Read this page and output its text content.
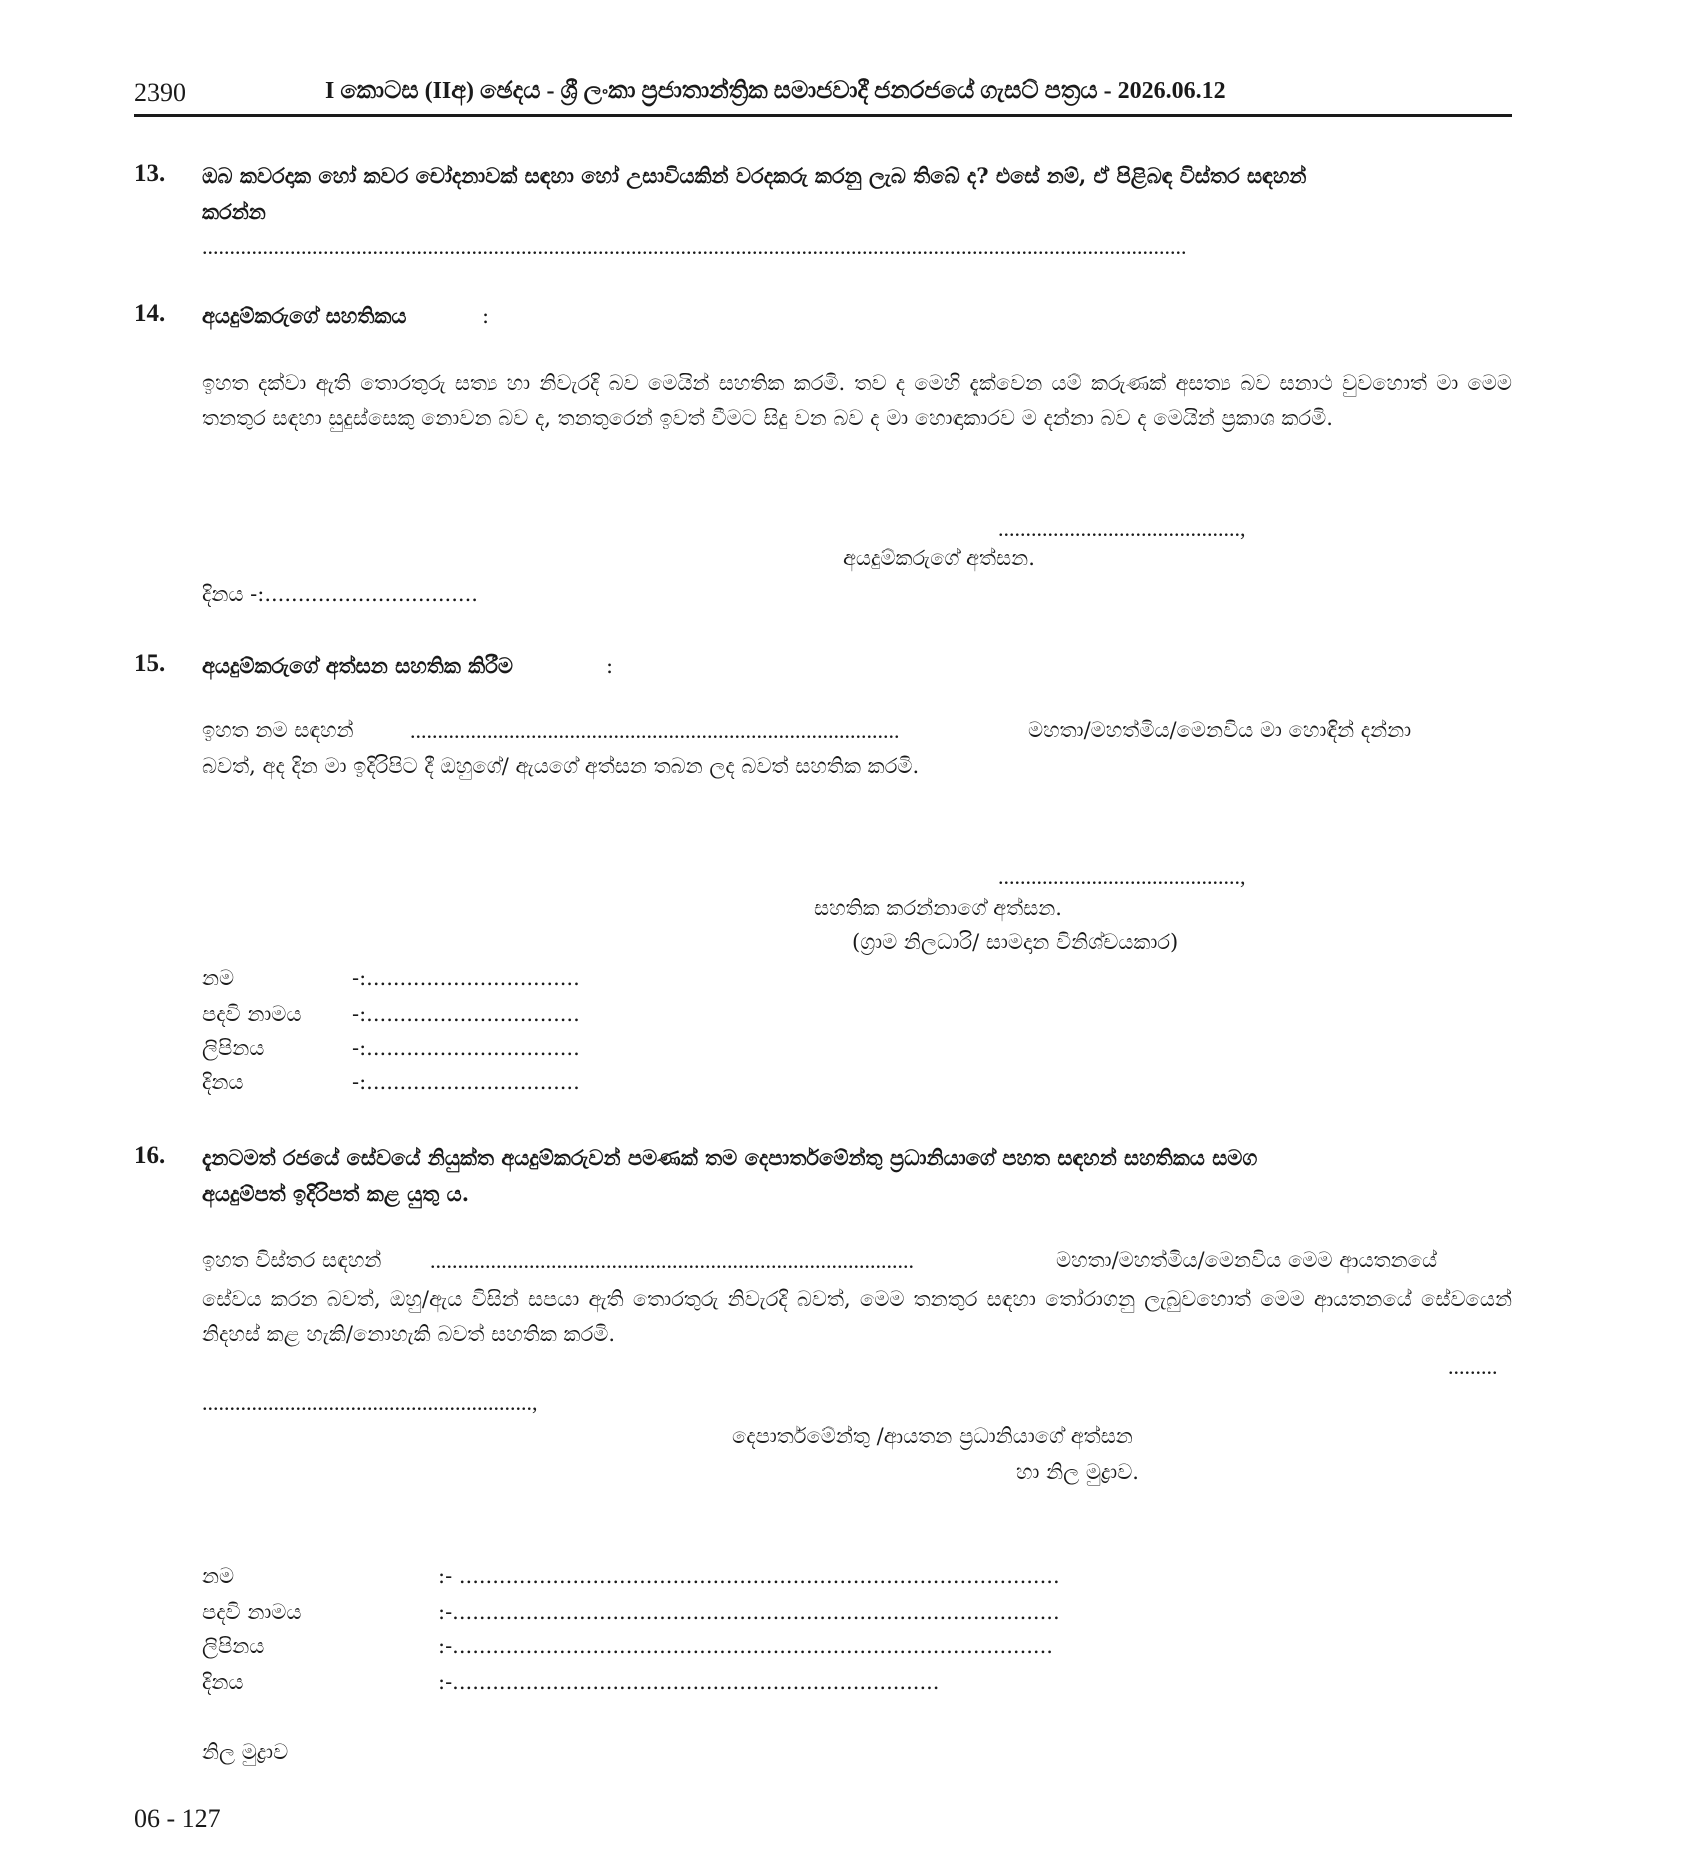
2390	I කොටස (IIඅ) ඡෙදය - ශ්‍රී ලංකා ප්‍රජාතාන්ත්‍රික සමාජවාදී ජනරජයේ ගැසට් පත්‍රය - 2026.06.12
13. ඔබ කවරදාක හෝ කවර චෝදනාවක් සඳහා හෝ උසාවියකින් වරදකරු කරනු ලැබ තිබේ ද? එසේ නම්, ඒ පිළිබඳ විස්තර සඳහන්
කරන්න
...................................................................................................................................................................................
14. අයදුම්කරුගේ සහතිකය	:
ඉහත දක්වා ඇති තොරතුරු සත්‍ය හා නිවැරදි බව මෙයින් සහතික කරමි. තව ද මෙහි දැක්වෙන යම් කරුණක් අසත්‍ය බව සනාථ වුවහොත් මා මෙම තනතුර සඳහා සුදුස්සෙකු නොවන බව ද, තනතුරෙන් ඉවත් වීමට සිදු වන බව ද මා හොඳාකාරව ම දන්නා බව ද මෙයින් ප්‍රකාශ කරමි.
............................................,
අයදුම්කරුගේ අත්සන.
දිනය -:................................
15. අයදුම්කරුගේ අත්සන සහතික කිරීම	:
ඉහත නම සඳහන්	.........................................................................................	මහතා/මහත්මිය/මෙනවිය මා හොඳින් දන්නා
බවත්, අද දින මා ඉදිරිපිට දී ඔහුගේ/ ඇයගේ අත්සන තබන ලද බවත් සහතික කරමි.
............................................,
සහතික කරන්නාගේ අත්සන.
(ග්‍රාම නිලධාරි/ සාමදාන විනිශ්චයකාර)
නම	-:................................
පදවි නාමය -:................................
ලිපිනය	-:................................
දිනය	-:................................
16. දැනටමත් රජයේ සේවයේ නියුක්ත අයදුම්කරුවන් පමණක් තම දෙපාර්තමේන්තු ප්‍රධානියාගේ පහත සඳහන් සහතිකය සමග
අයදුම්පත් ඉදිරිපත් කළ යුතු ය.
ඉහත විස්තර සඳහන් ........................................................................................	මහතා/මහත්මිය/මෙනවිය මෙම ආයතනයේ
සේවය කරන බවත්, ඔහු/ඇය විසින් සපයා ඇති තොරතුරු නිවැරදි බවත්, මෙම තනතුර සඳහා තෝරාගනු ලැබුවහොත් මෙම ආයතනයේ සේවයෙන් නිදහස් කළ හැකි/නොහැකි බවත් සහතික කරමි.
.........
............................................................,
දෙපාර්තමේන්තු /ආයතන ප්‍රධානියාගේ අත්සන
හා නිල මුද්‍රාව.
නම	:- ..........................................................................................
පදවි නාමය	:-...........................................................................................
ලිපිනය	:-..........................................................................................
දිනය	:-.........................................................................
නිල මුද්‍රාව
06 - 127
